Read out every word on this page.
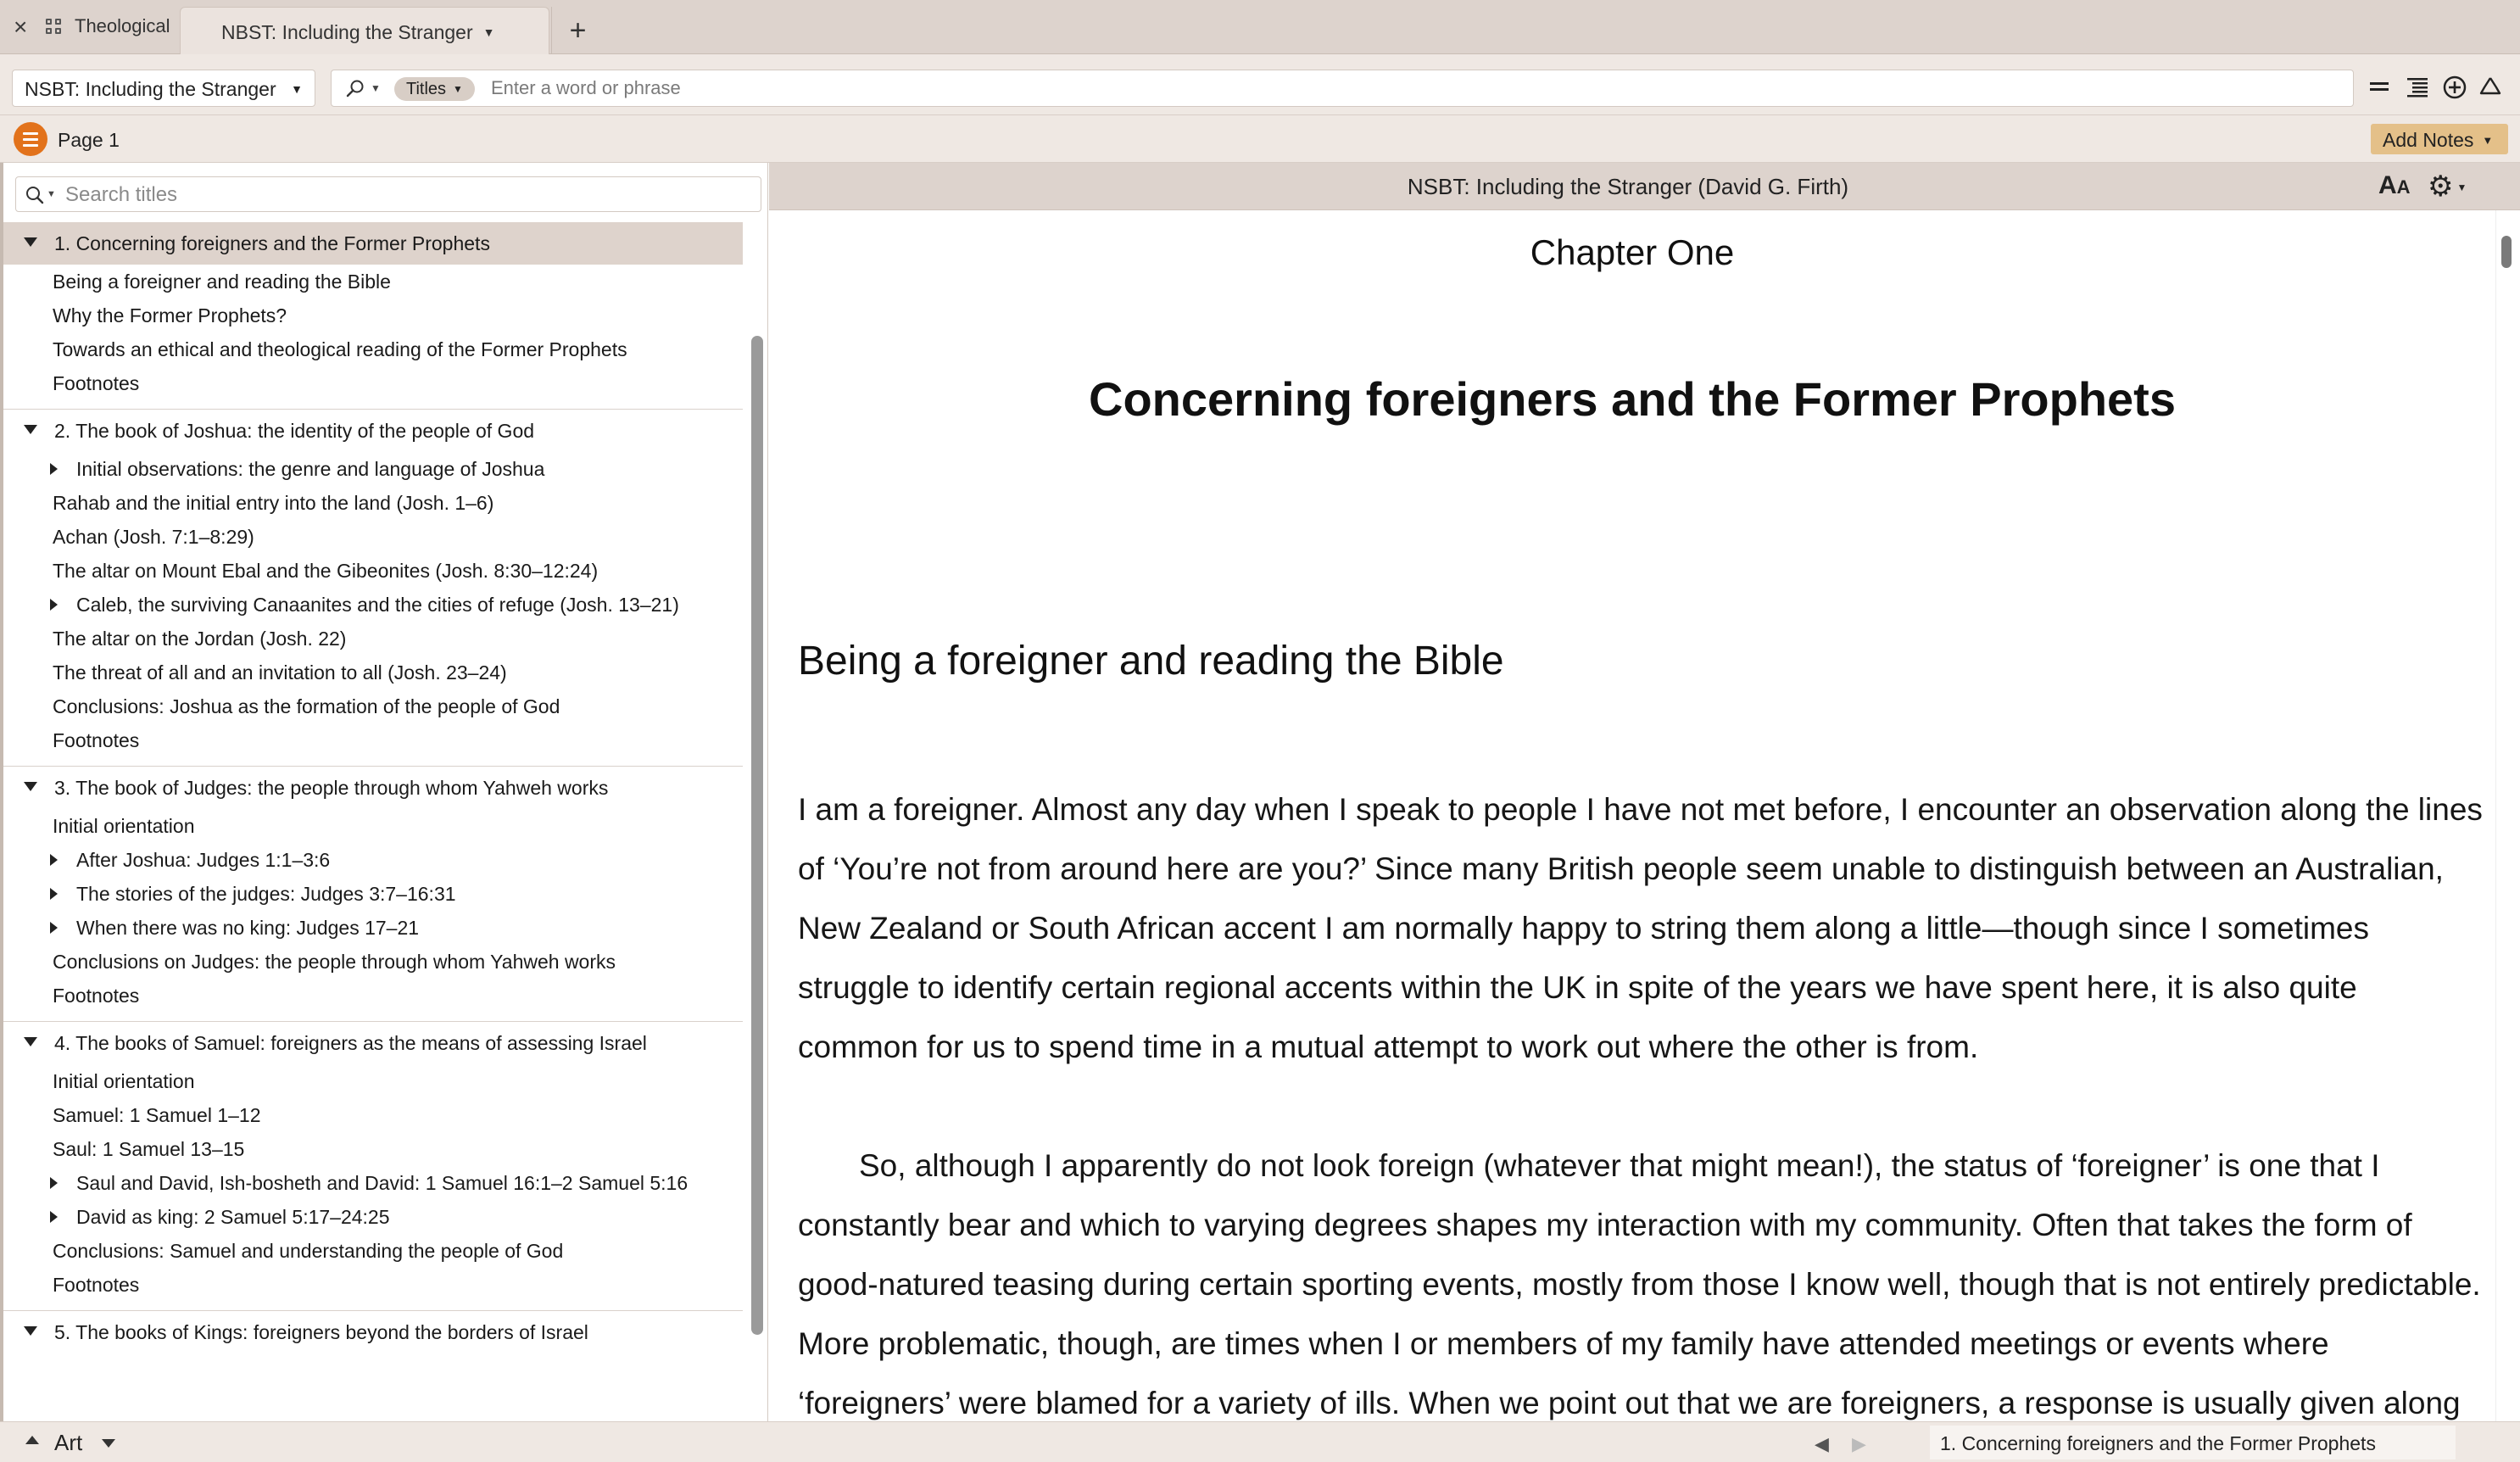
×	Theological	NBST: Including the Stranger ▼	+
NSBT: Including the Stranger ▼	▼	Titles ▼
Enter a word or phrase
Page 1	Add Notes ▼
▼
Search titles
1. Concerning foreigners and the Former Prophets
Being a foreigner and reading the Bible
Why the Former Prophets?
Towards an ethical and theological reading of the Former Prophets
Footnotes
2. The book of Joshua: the identity of the people of God
Initial observations: the genre and language of Joshua
Rahab and the initial entry into the land (Josh. 1–6)
Achan (Josh. 7:1–8:29)
The altar on Mount Ebal and the Gibeonites (Josh. 8:30–12:24)
Caleb, the surviving Canaanites and the cities of refuge (Josh. 13–21)
The altar on the Jordan (Josh. 22)
The threat of all and an invitation to all (Josh. 23–24)
Conclusions: Joshua as the formation of the people of God
Footnotes
3. The book of Judges: the people through whom Yahweh works
Initial orientation
After Joshua: Judges 1:1–3:6
The stories of the judges: Judges 3:7–16:31
When there was no king: Judges 17–21
Conclusions on Judges: the people through whom Yahweh works
Footnotes
4. The books of Samuel: foreigners as the means of assessing Israel
Initial orientation
Samuel: 1 Samuel 1–12
Saul: 1 Samuel 13–15
Saul and David, Ish-bosheth and David: 1 Samuel 16:1–2 Samuel 5:16
David as king: 2 Samuel 5:17–24:25
Conclusions: Samuel and understanding the people of God
Footnotes
5. The books of Kings: foreigners beyond the borders of Israel
NSBT: Including the Stranger (David G. Firth)	AA ⚙ ▼
Chapter One
Concerning foreigners and the Former Prophets
Being a foreigner and reading the Bible

I am a foreigner. Almost any day when I speak to people I have not met before, I encounter an observation along the lines of ‘You’re not from around here are you?’ Since many British people seem unable to distinguish between an Australian, New Zealand or South African accent I am normally happy to string them along a little—though since I sometimes struggle to identify certain regional accents within the UK in spite of the years we have spent here, it is also quite common for us to spend time in a mutual attempt to work out where the other is from.

So, although I apparently do not look foreign (whatever that might mean!), the status of ‘foreigner’ is one that I constantly bear and which to varying degrees shapes my interaction with my community. Often that takes the form of good-natured teasing during certain sporting events, mostly from those I know well, though that is not entirely predictable. More problematic, though, are times when I or members of my family have attended meetings or events where ‘foreigners’ were blamed for a variety of ills. When we point out that we are foreigners, a response is usually given along

Art	◀ ▶	1. Concerning foreigners and the Former Prophets
